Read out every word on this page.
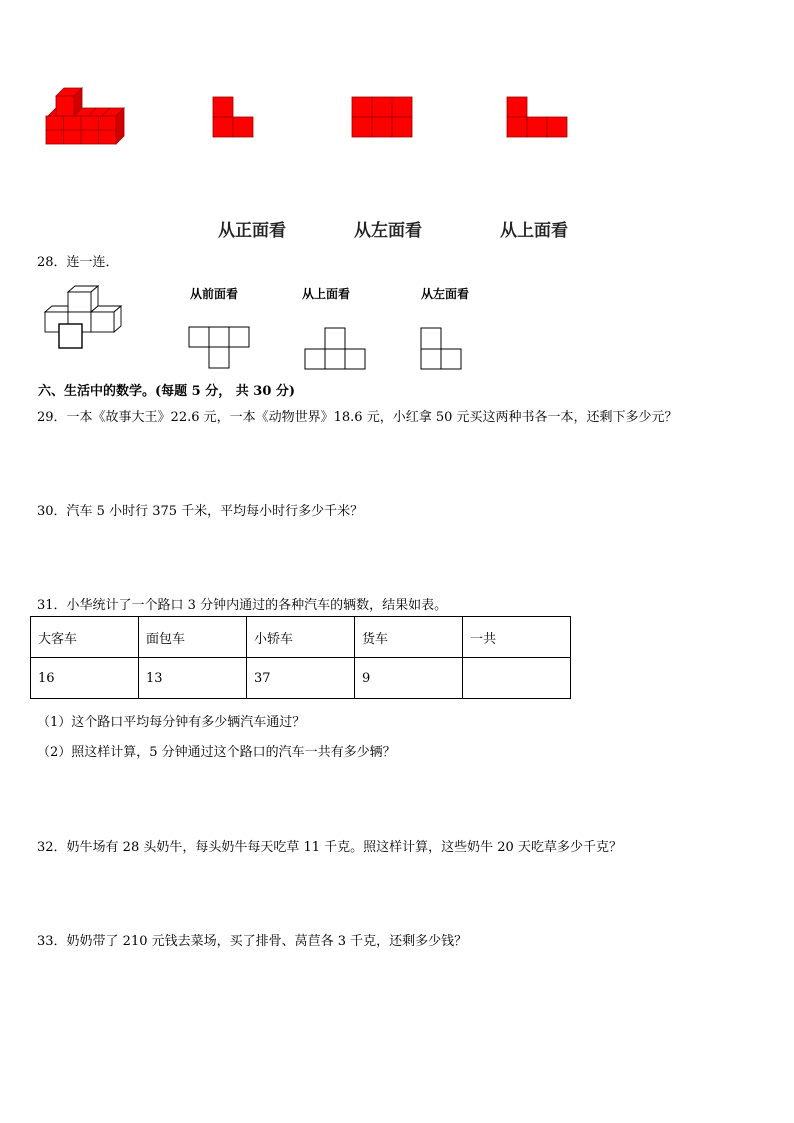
从正面看	从左面看	从上面看
28．连一连．
从前面看	从上面看	从左面看
六、生活中的数学。(每题 5 分， 共 30 分)
29．一本《故事大王》22.6 元，一本《动物世界》18.6 元，小红拿 50 元买这两种书各一本，还剩下多少元？
30．汽车 5 小时行 375 千米，平均每小时行多少千米？
31．小华统计了一个路口 3 分钟内通过的各种汽车的辆数，结果如表。
大客车	面包车	小轿车	货车	一共
16	13	37	9	
（1）这个路口平均每分钟有多少辆汽车通过？
（2）照这样计算，5 分钟通过这个路口的汽车一共有多少辆？
32．奶牛场有 28 头奶牛，每头奶牛每天吃草 11 千克。照这样计算，这些奶牛 20 天吃草多少千克？
33．奶奶带了 210 元钱去菜场，买了排骨、莴苣各 3 千克，还剩多少钱？
